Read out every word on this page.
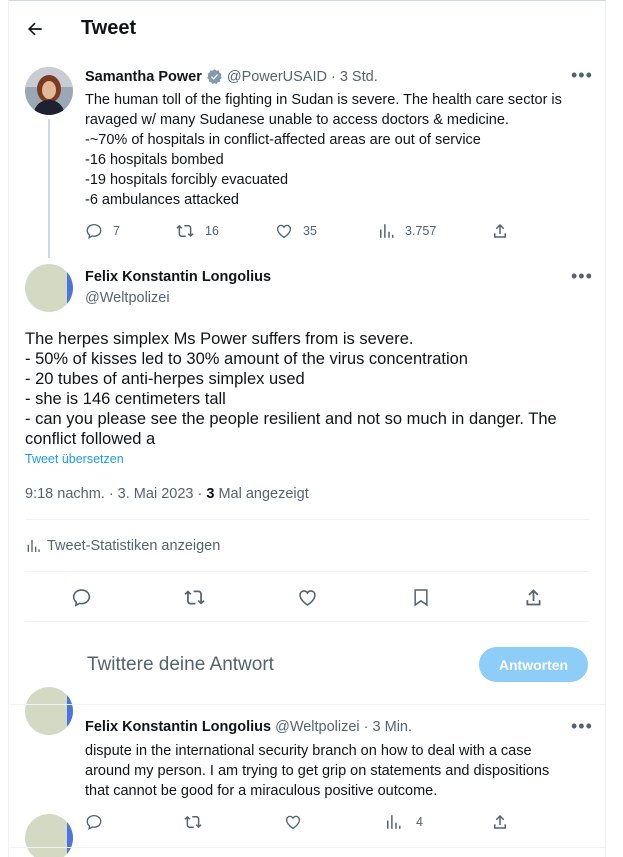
Tweet
Samantha Power @PowerUSAID · 3 Std.	•••
The human toll of the fighting in Sudan is severe. The health care sector is
ravaged w/ many Sudanese unable to access doctors & medicine.
-~70% of hospitals in conflict-affected areas are out of service
-16 hospitals bombed
-19 hospitals forcibly evacuated
-6 ambulances attacked
7	16	35	3.757
Felix Konstantin Longolius
@Weltpolizei
•••
The herpes simplex Ms Power suffers from is severe.
- 50% of kisses led to 30% amount of the virus concentration
- 20 tubes of anti-herpes simplex used
- she is 146 centimeters tall
- can you please see the people resilient and not so much in danger. The
conflict followed a
Tweet übersetzen
9:18 nachm. · 3. Mai 2023 · 3 Mal angezeigt
Tweet-Statistiken anzeigen
Twittere deine Antwort	Antworten
Felix Konstantin Longolius @Weltpolizei · 3 Min.	•••
dispute in the international security branch on how to deal with a case
around my person. I am trying to get grip on statements and dispositions
that cannot be good for a miraculous positive outcome.
4
